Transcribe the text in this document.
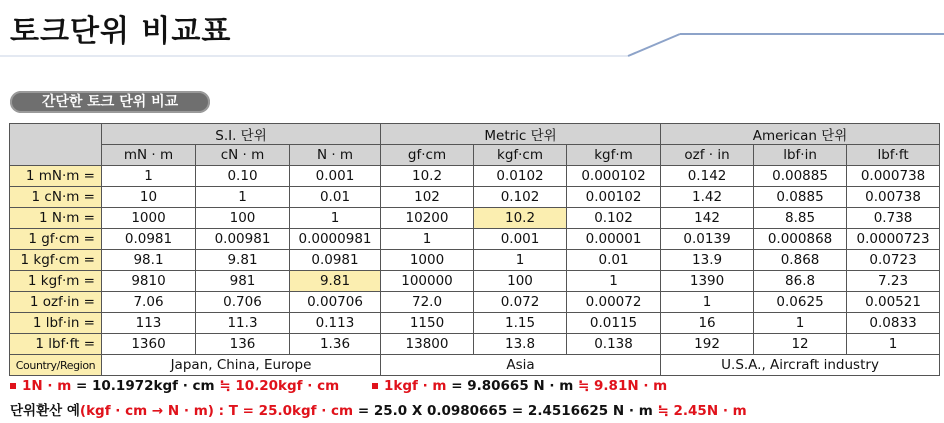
토크단위 비교표
간단한 토크 단위 비교
	S.I. 단위			Metric 단위			American 단위		
	mN · m	cN · m	N · m	gf·cm	kgf·cm	kgf·m	ozf · in	lbf·in	lbf·ft
1 mN·m =	1	0.10	0.001	10.2	0.0102	0.000102	0.142	0.00885	0.000738
1 cN·m =	10	1	0.01	102	0.102	0.00102	1.42	0.0885	0.00738
1 N·m =	1000	100	1	10200	10.2	0.102	142	8.85	0.738
1 gf·cm =	0.0981	0.00981	0.0000981	1	0.001	0.00001	0.0139	0.000868	0.0000723
1 kgf·cm =	98.1	9.81	0.0981	1000	1	0.01	13.9	0.868	0.0723
1 kgf·m =	9810	981	9.81	100000	100	1	1390	86.8	7.23
1 ozf·in =	7.06	0.706	0.00706	72.0	0.072	0.00072	1	0.0625	0.00521
1 lbf·in =	113	11.3	0.113	1150	1.15	0.0115	16	1	0.0833
1 lbf·ft =	1360	136	1.36	13800	13.8	0.138	192	12	1
Country/Region	Japan, China, Europe			Asia			U.S.A., Aircraft industry		
1N · m = 10.1972kgf · cm ≒ 10.20kgf · cm	1kgf · m = 9.80665 N · m ≒ 9.81N · m
단위환산 예(kgf · cm → N · m) : T = 25.0kgf · cm = 25.0 X 0.0980665 = 2.4516625 N · m ≒ 2.45N · m
